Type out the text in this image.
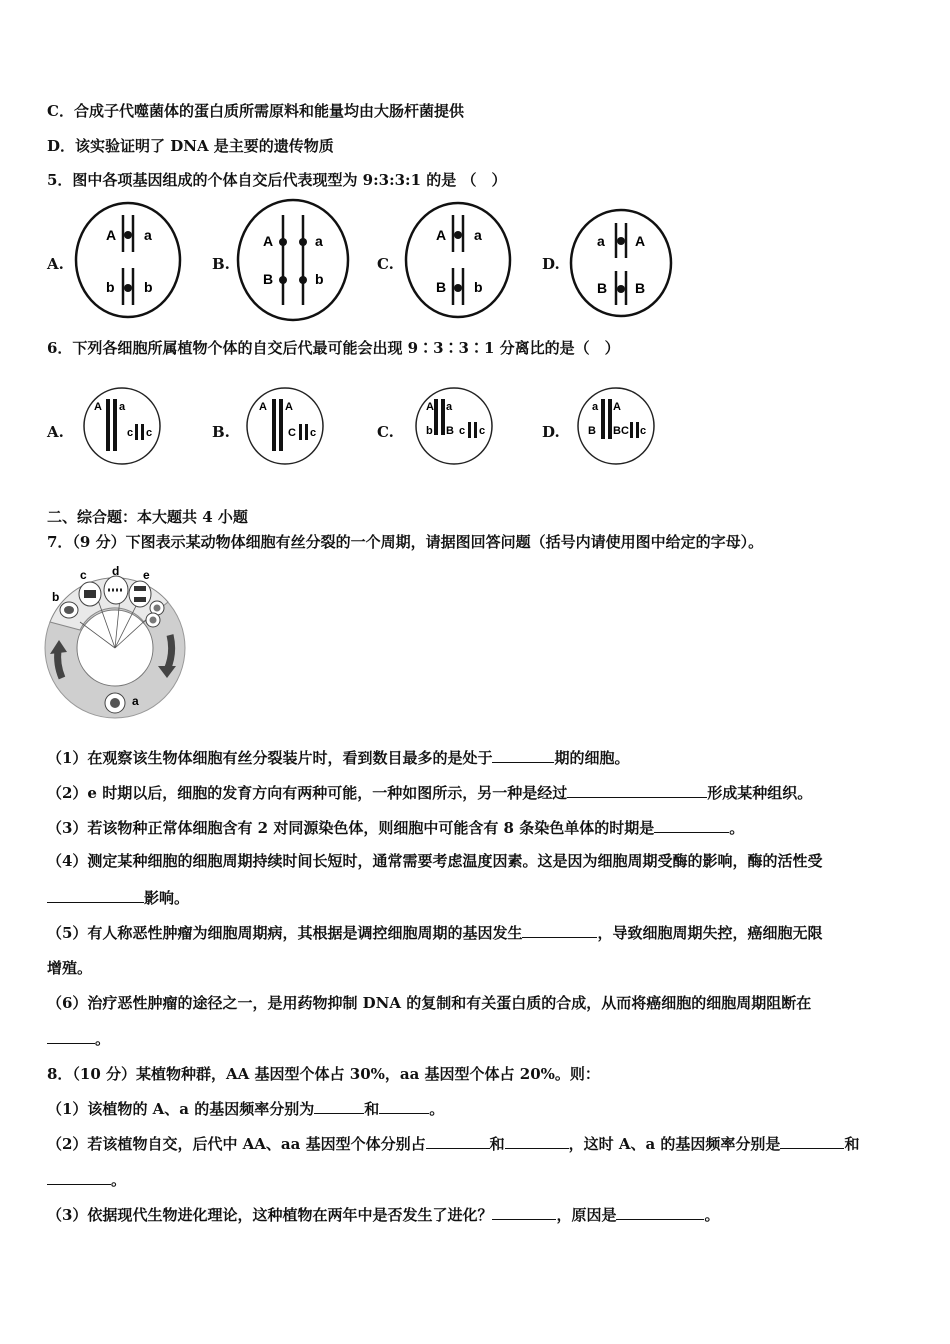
C．合成子代噬菌体的蛋白质所需原料和能量均由大肠杆菌提供
D．该实验证明了 DNA 是主要的遗传物质
5．图中各项基因组成的个体自交后代表现型为 9:3:3:1 的是 （　）
A.	B.	C.	D.
A a
b b
A	a
B	b
A a
B b
a A
B B
6．下列各细胞所属植物个体的自交后代最可能会出现 9∶3∶3∶1 分离比的是（　）
A.	B.	C.	D.
A a
c c
A A
C c
A a
b B c c
a A
B B C c
二、综合题：本大题共 4 小题
7．（9 分）下图表示某动物体细胞有丝分裂的一个周期，请据图回答问题（括号内请使用图中给定的字母）。
b
c d e
a
（1）在观察该生物体细胞有丝分裂装片时，看到数目最多的是处于	期的细胞。
（2）e 时期以后，细胞的发育方向有两种可能，一种如图所示，另一种是经过	形成某种组织。
（3）若该物种正常体细胞含有 2 对同源染色体，则细胞中可能含有 8 条染色单体的时期是	。
（4）测定某种细胞的细胞周期持续时间长短时，通常需要考虑温度因素。这是因为细胞周期受酶的影响，酶的活性受
影响。
（5）有人称恶性肿瘤为细胞周期病，其根据是调控细胞周期的基因发生	，导致细胞周期失控，癌细胞无限
增殖。
（6）治疗恶性肿瘤的途径之一，是用药物抑制 DNA 的复制和有关蛋白质的合成，从而将癌细胞的细胞周期阻断在
。
8．（10 分）某植物种群，AA 基因型个体占 30%，aa 基因型个体占 20%。则：
（1）该植物的 A、a 的基因频率分别为	和	。
（2）若该植物自交，后代中 AA、aa 基因型个体分别占	和	，这时 A、a 的基因频率分别是	和
。
（3）依据现代生物进化理论，这种植物在两年中是否发生了进化？	，原因是	。
